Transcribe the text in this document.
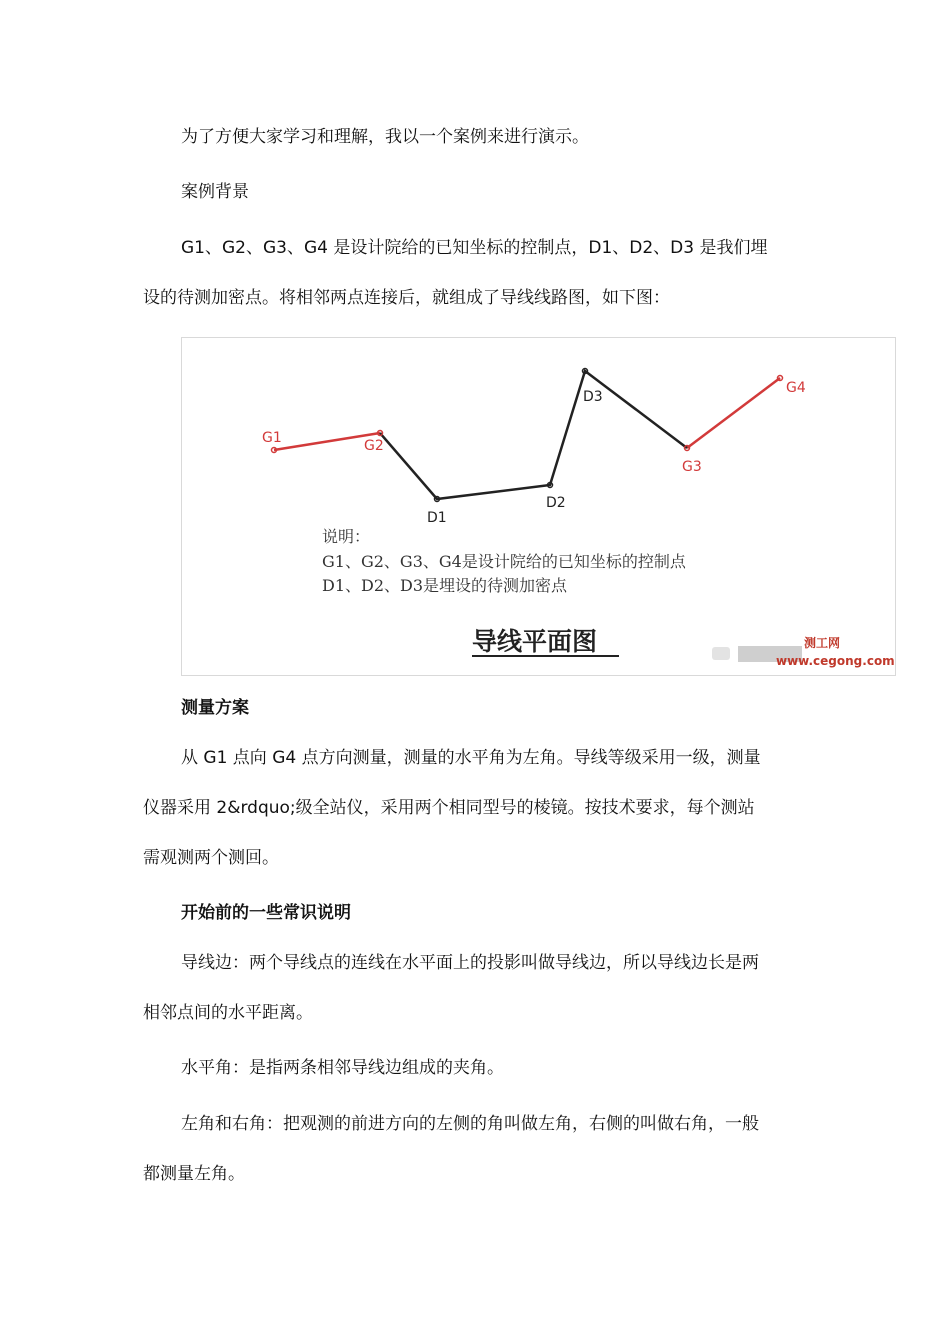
为了方便大家学习和理解，我以一个案例来进行演示。

案例背景

G1、G2、G3、G4 是设计院给的已知坐标的控制点，D1、D2、D3 是我们埋

设的待测加密点。将相邻两点连接后，就组成了导线线路图，如下图：

G1	G2
D1
D2
D3
G3
G4
说明：
G1、G2、G3、G4是设计院给的已知坐标的控制点
D1、D2、D3是埋设的待测加密点
导线平面图	测工网
www.cegong.com

测量方案

从 G1 点向 G4 点方向测量，测量的水平角为左角。导线等级采用一级，测量

仪器采用 2&rdquo;级全站仪，采用两个相同型号的棱镜。按技术要求，每个测站

需观测两个测回。

开始前的一些常识说明

导线边：两个导线点的连线在水平面上的投影叫做导线边，所以导线边长是两

相邻点间的水平距离。

水平角：是指两条相邻导线边组成的夹角。

左角和右角：把观测的前进方向的左侧的角叫做左角，右侧的叫做右角，一般

都测量左角。
